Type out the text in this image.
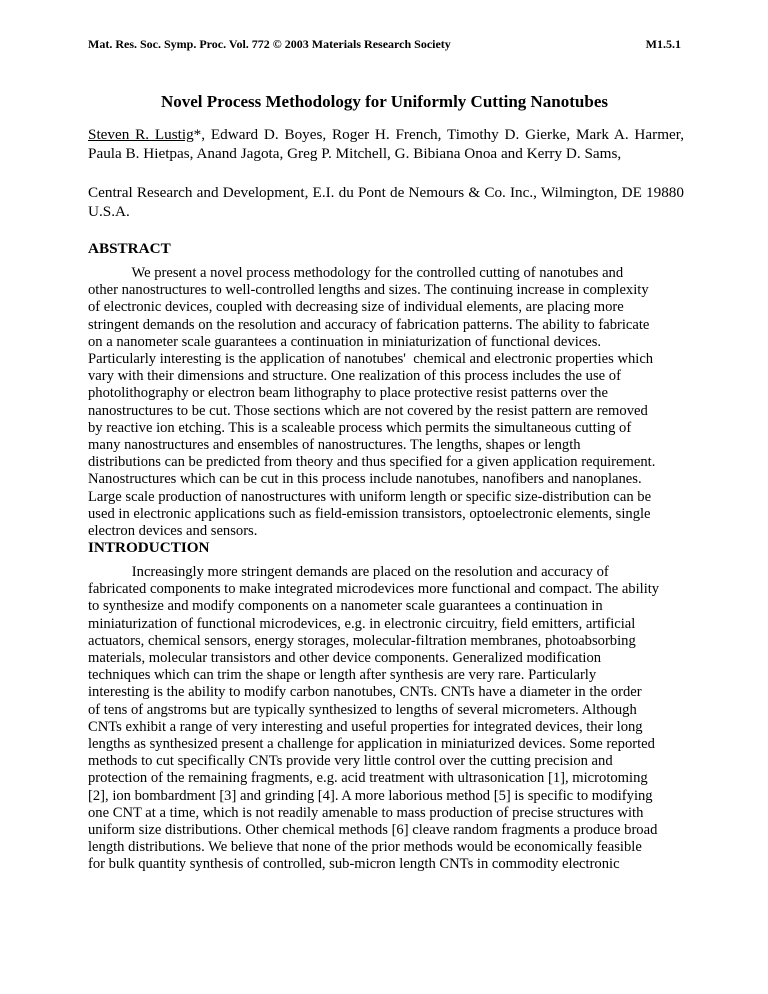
Mat. Res. Soc. Symp. Proc. Vol. 772 © 2003 Materials Research Society	M1.5.1
Novel Process Methodology for Uniformly Cutting Nanotubes
Steven R. Lustig*, Edward D. Boyes, Roger H. French, Timothy D. Gierke, Mark A. Harmer,
Paula B. Hietpas, Anand Jagota, Greg P. Mitchell, G. Bibiana Onoa and Kerry D. Sams,
Central Research and Development, E.I. du Pont de Nemours & Co. Inc., Wilmington, DE 19880
U.S.A.
ABSTRACT
We present a novel process methodology for the controlled cutting of nanotubes and
other nanostructures to well-controlled lengths and sizes. The continuing increase in complexity
of electronic devices, coupled with decreasing size of individual elements, are placing more
stringent demands on the resolution and accuracy of fabrication patterns. The ability to fabricate
on a nanometer scale guarantees a continuation in miniaturization of functional devices.
Particularly interesting is the application of nanotubes'  chemical and electronic properties which
vary with their dimensions and structure. One realization of this process includes the use of
photolithography or electron beam lithography to place protective resist patterns over the
nanostructures to be cut. Those sections which are not covered by the resist pattern are removed
by reactive ion etching. This is a scaleable process which permits the simultaneous cutting of
many nanostructures and ensembles of nanostructures. The lengths, shapes or length
distributions can be predicted from theory and thus specified for a given application requirement.
Nanostructures which can be cut in this process include nanotubes, nanofibers and nanoplanes.
Large scale production of nanostructures with uniform length or specific size-distribution can be
used in electronic applications such as field-emission transistors, optoelectronic elements, single
electron devices and sensors.
INTRODUCTION
Increasingly more stringent demands are placed on the resolution and accuracy of
fabricated components to make integrated microdevices more functional and compact. The ability
to synthesize and modify components on a nanometer scale guarantees a continuation in
miniaturization of functional microdevices, e.g. in electronic circuitry, field emitters, artificial
actuators, chemical sensors, energy storages, molecular-filtration membranes, photoabsorbing
materials, molecular transistors and other device components. Generalized modification
techniques which can trim the shape or length after synthesis are very rare. Particularly
interesting is the ability to modify carbon nanotubes, CNTs. CNTs have a diameter in the order
of tens of angstroms but are typically synthesized to lengths of several micrometers. Although
CNTs exhibit a range of very interesting and useful properties for integrated devices, their long
lengths as synthesized present a challenge for application in miniaturized devices. Some reported
methods to cut specifically CNTs provide very little control over the cutting precision and
protection of the remaining fragments, e.g. acid treatment with ultrasonication [1], microtoming
[2], ion bombardment [3] and grinding [4]. A more laborious method [5] is specific to modifying
one CNT at a time, which is not readily amenable to mass production of precise structures with
uniform size distributions. Other chemical methods [6] cleave random fragments a produce broad
length distributions. We believe that none of the prior methods would be economically feasible
for bulk quantity synthesis of controlled, sub-micron length CNTs in commodity electronic
